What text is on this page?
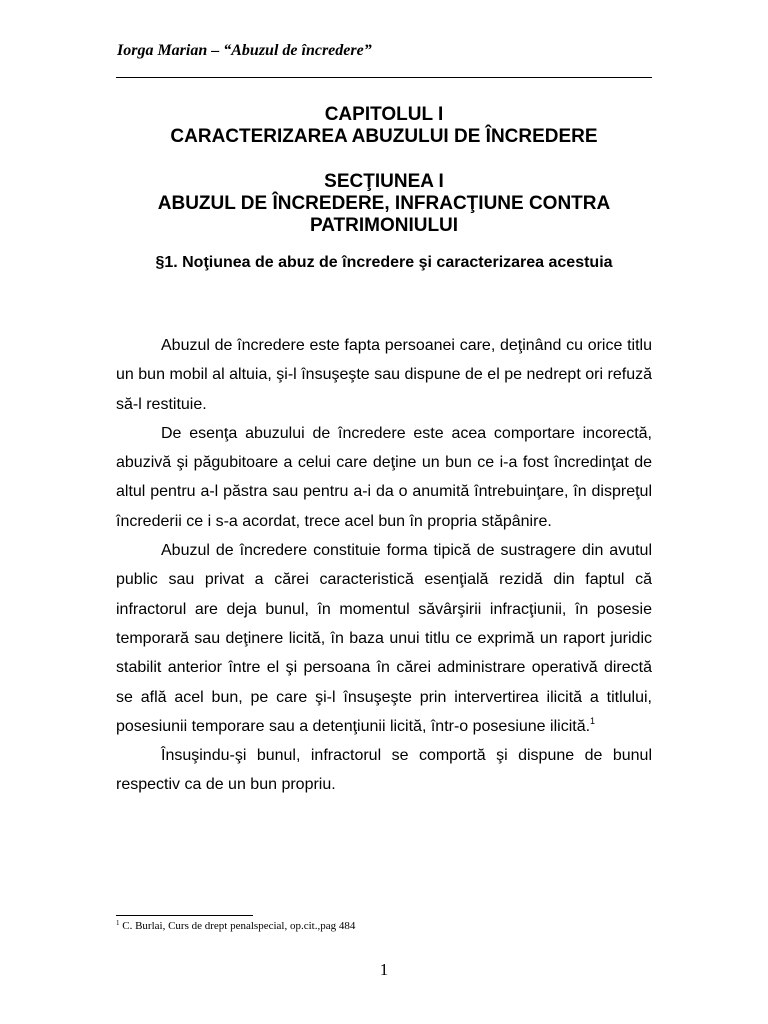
Iorga Marian – “Abuzul de încredere”
CAPITOLUL I
CARACTERIZAREA ABUZULUI DE ÎNCREDERE
SECŢIUNEA I
ABUZUL DE ÎNCREDERE, INFRACŢIUNE CONTRA
PATRIMONIULUI
§1. Noţiunea de abuz de încredere şi caracterizarea acestuia

Abuzul de încredere este fapta persoanei care, deţinând cu orice titlu un bun mobil al altuia, şi-l însuşeşte sau dispune de el pe nedrept ori refuză să-l restituie.

De esenţa abuzului de încredere este acea comportare incorectă, abuzivă şi păgubitoare a celui care deţine un bun ce i-a fost încredinţat de altul pentru a-l păstra sau pentru a-i da o anumită întrebuinţare, în dispreţul încrederii ce i s-a acordat, trece acel bun în propria stăpânire.

Abuzul de încredere constituie forma tipică de sustragere din avutul public sau privat a cărei caracteristică esenţială rezidă din faptul că infractorul are deja bunul, în momentul săvârşirii infracţiunii, în posesie temporară sau deţinere licită, în baza unui titlu ce exprimă un raport juridic stabilit anterior între el şi persoana în cărei administrare operativă directă se află acel bun, pe care şi-l însuşeşte prin intervertirea ilicită a titlului, posesiunii temporare sau a detenţiunii licită, într-o posesiune ilicită.$^1$

Însuşindu-şi bunul, infractorul se comportă şi dispune de bunul respectiv ca de un bun propriu.

$^1$ C. Burlai, Curs de drept penalspecial, op.cit.,pag 484
1
